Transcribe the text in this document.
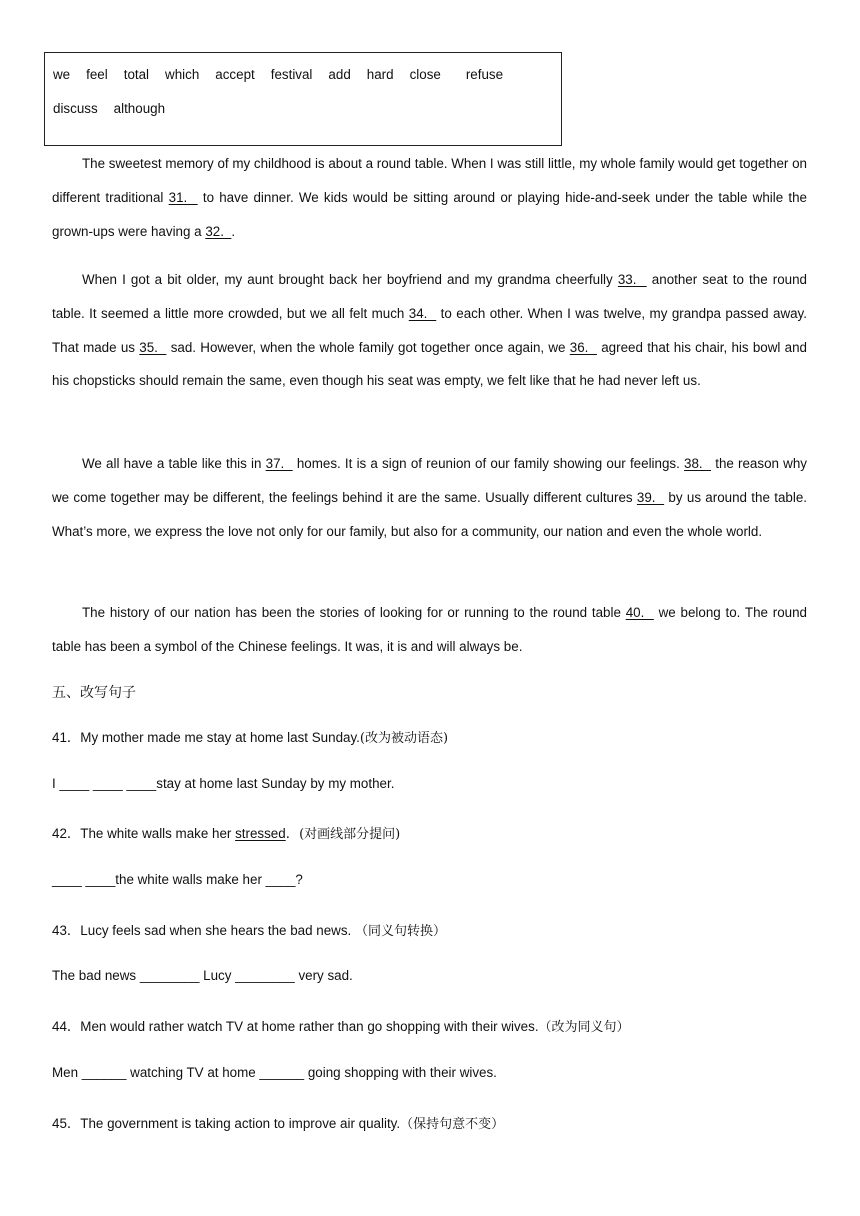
we feel total which accept festival add hard close refuse
discuss although
The sweetest memory of my childhood is about a round table. When I was still little, my whole family would get together on different traditional 31.   to have dinner. We kids would be sitting around or playing hide-and-seek under the table while the grown-ups were having a 32.  .
When I got a bit older, my aunt brought back her boyfriend and my grandma cheerfully 33.   another seat to the round table. It seemed a little more crowded, but we all felt much 34.   to each other. When I was twelve, my grandpa passed away. That made us 35.   sad. However, when the whole family got together once again, we 36.   agreed that his chair, his bowl and his chopsticks should remain the same, even though his seat was empty, we felt like that he had never left us.
We all have a table like this in 37.   homes. It is a sign of reunion of our family showing our feelings. 38.   the reason why we come together may be different, the feelings behind it are the same. Usually different cultures 39.   by us around the table. What’s more, we express the love not only for our family, but also for a community, our nation and even the whole world.
The history of our nation has been the stories of looking for or running to the round table 40.   we belong to. The round table has been a symbol of the Chinese feelings. It was, it is and will always be.
五、改写句子
41．My mother made me stay at home last Sunday.(改为被动语态)
I ____ ____ ____stay at home last Sunday by my mother.
42．The white walls make her stressed．(对画线部分提问)
____ ____the white walls make her ____?
43．Lucy feels sad when she hears the bad news. （同义句转换）
The bad news ________ Lucy ________ very sad.
44．Men would rather watch TV at home rather than go shopping with their wives.（改为同义句）
Men ______ watching TV at home ______ going shopping with their wives.
45．The government is taking action to improve air quality.（保持句意不变）
